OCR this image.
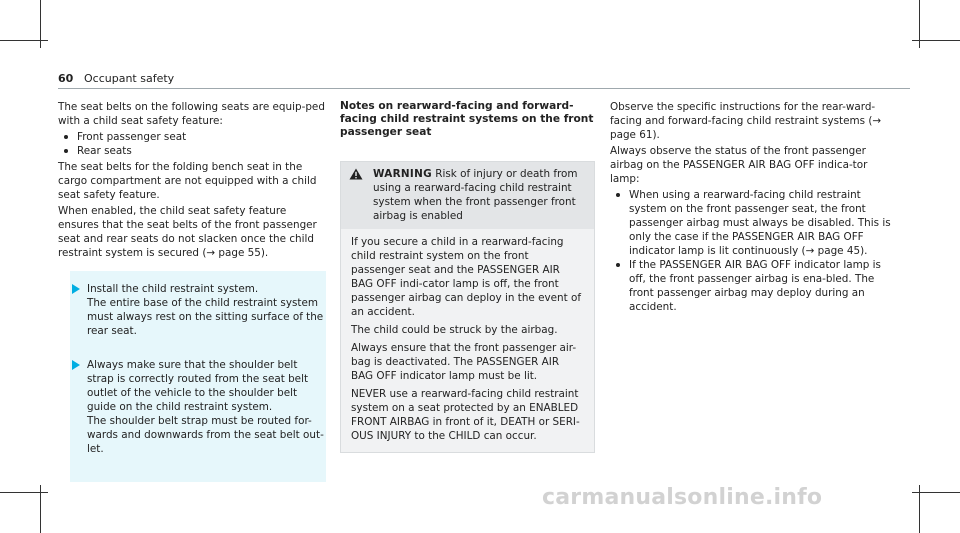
60 Occupant safety

The seat belts on the following seats are equip-ped with a child seat safety feature:

Front passenger seat
Rear seats

The seat belts for the folding bench seat in the cargo compartment are not equipped with a child seat safety feature.

When enabled, the child seat safety feature ensures that the seat belts of the front passenger seat and rear seats do not slacken once the child restraint system is secured (→ page 55).

Install the child restraint system.

The entire base of the child restraint system must always rest on the sitting surface of the rear seat.

Always make sure that the shoulder belt strap is correctly routed from the seat belt outlet of the vehicle to the shoulder belt guide on the child restraint system.

The shoulder belt strap must be routed for-wards and downwards from the seat belt out-let.

Notes on rearward-facing and forward-facing child restraint systems on the front passenger seat
WARNING Risk of injury or death from using a rearward-facing child restraint system when the front passenger front airbag is enabled

If you secure a child in a rearward-facing child restraint system on the front passenger seat and the PASSENGER AIR BAG OFF indi-cator lamp is off, the front passenger airbag can deploy in the event of an accident.

The child could be struck by the airbag.

Always ensure that the front passenger air-bag is deactivated. The PASSENGER AIR BAG OFF indicator lamp must be lit.

NEVER use a rearward-facing child restraint system on a seat protected by an ENABLED FRONT AIRBAG in front of it, DEATH or SERI-OUS INJURY to the CHILD can occur.

Observe the specific instructions for the rear-ward-facing and forward-facing child restraint systems (→ page 61).

Always observe the status of the front passenger airbag on the PASSENGER AIR BAG OFF indica-tor lamp:

When using a rearward-facing child restraint system on the front passenger seat, the front passenger airbag must always be disabled. This is only the case if the PASSENGER AIR BAG OFF indicator lamp is lit continuously (→ page 45).
If the PASSENGER AIR BAG OFF indicator lamp is off, the front passenger airbag is ena-bled. The front passenger airbag may deploy during an accident.
carmanualsonline.info
